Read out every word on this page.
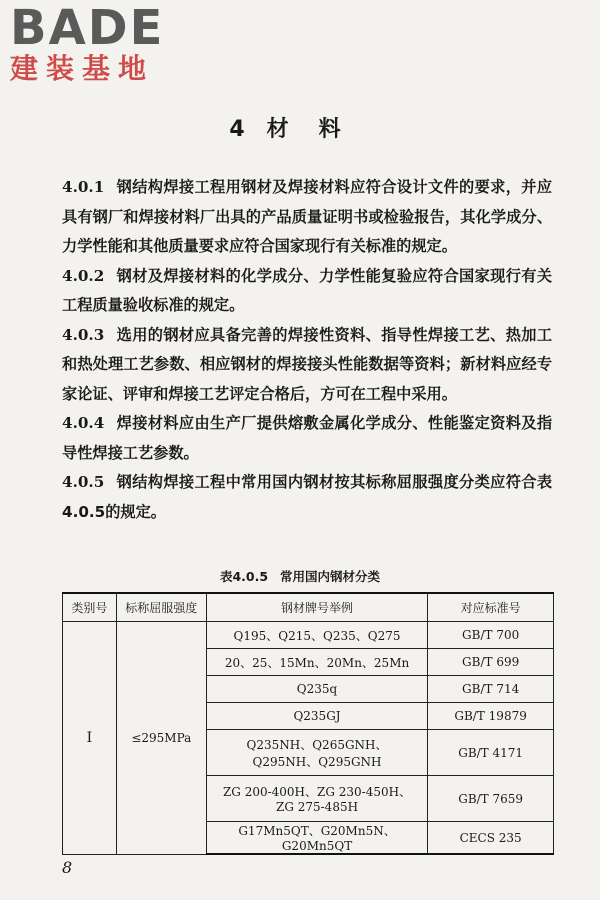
BADE
建装基地
4 材料

4.0.1 钢结构焊接工程用钢材及焊接材料应符合设计文件的要求，并应具有钢厂和焊接材料厂出具的产品质量证明书或检验报告，其化学成分、力学性能和其他质量要求应符合国家现行有关标准的规定。

4.0.2 钢材及焊接材料的化学成分、力学性能复验应符合国家现行有关工程质量验收标准的规定。

4.0.3 选用的钢材应具备完善的焊接性资料、指导性焊接工艺、热加工和热处理工艺参数、相应钢材的焊接接头性能数据等资料；新材料应经专家论证、评审和焊接工艺评定合格后，方可在工程中采用。

4.0.4 焊接材料应由生产厂提供熔敷金属化学成分、性能鉴定资料及指导性焊接工艺参数。

4.0.5 钢结构焊接工程中常用国内钢材按其标称屈服强度分类应符合表4.0.5的规定。

表4.0.5 常用国内钢材分类
类别号	标称屈服强度	钢材牌号举例	对应标准号
Ⅰ	≤295MPa	Q195、Q215、Q235、Q275	GB/T 700

		20、25、15Mn、20Mn、25Mn	GB/T 699

		Q235q	GB/T 714

		Q235GJ	GB/T 19879

		Q235NH、Q265GNH、
Q295NH、Q295GNH	GB/T 4171

		ZG 200-400H、ZG 230-450H、
ZG 275-485H	GB/T 7659

		G17Mn5QT、G20Mn5N、G20Mn5QT	CECS 235
8
